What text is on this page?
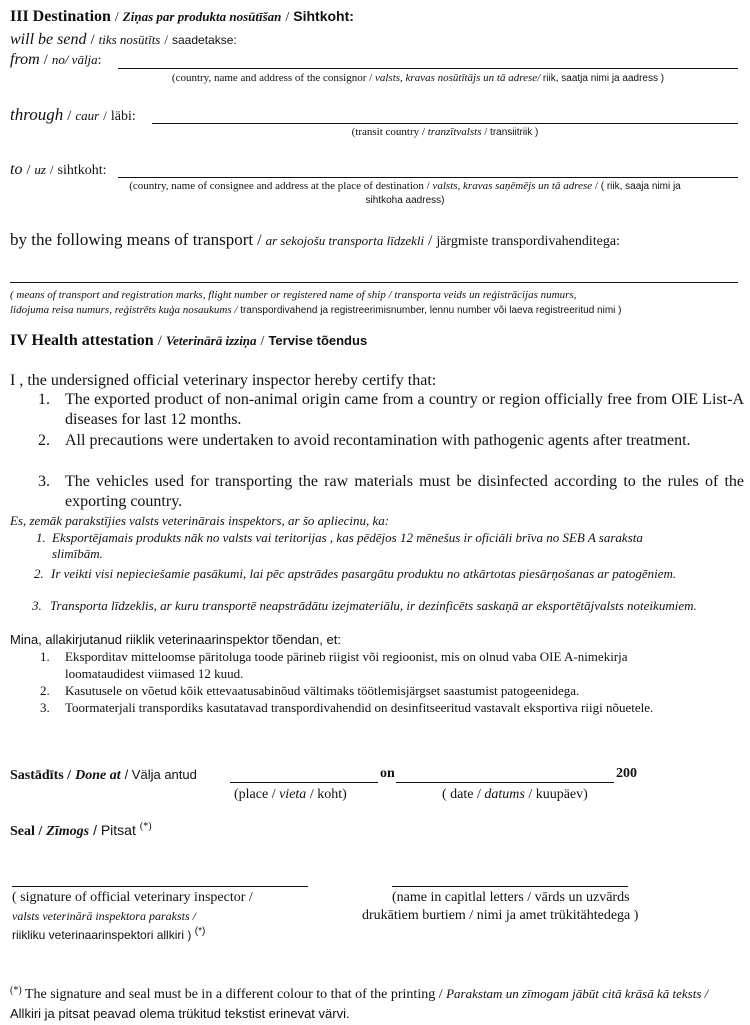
III Destination / Ziņas par produkta nosūtīšan / Sihtkoht:
will be send / tiks nosūtīts / saadetakse:
from / no/ vālja:
(country, name and address of the consignor / valsts, kravas nosūtītājs un tā adrese/ riik, saatja nimi ja aadress )
through / caur / läbi:
(transit country / tranzītvalsts / transiitriik )
to / uz / sihtkoht:
(country, name of consignee and address at the place of destination / valsts, kravas saņēmējs un tā adrese / ( riik, saaja nimi ja
sihtkoha aadress)
by the following means of transport / ar sekojošu transporta līdzekli / järgmiste transpordivahenditega:
( means of transport and registration marks, flight number or registered name of ship / transporta veids un reģistrācijas numurs,
lidojuma reisa numurs, reģistrēts kuģa nosaukums / transpordivahend ja registreerimisnumber, lennu number või laeva registreeritud nimi )
IV Health attestation / Veterinārā izziņa / Tervise tõendus
I , the undersigned official veterinary inspector hereby certify that:
1. The exported product of non-animal origin came from a country or region officially free from OIE List-A diseases for last 12 months.
2. All precautions were undertaken to avoid recontamination with pathogenic agents after treatment.
3. The vehicles used for transporting the raw materials must be disinfected according to the rules of the exporting country.
Es, zemāk parakstījies valsts veterinārais inspektors, ar šo apliecinu, ka:
1. Eksportējamais produkts nāk no valsts vai teritorijas , kas pēdējos 12 mēnešus ir oficiāli brīva no SEB A saraksta slimībām.
2. Ir veikti visi nepieciešamie pasākumi, lai pēc apstrādes pasargātu produktu no atkārtotas piesārņošanas ar patogēniem.
3. Transporta līdzeklis, ar kuru transportē neapstrādātu izejmateriālu, ir dezinficēts saskaņā ar eksportētājvalsts noteikumiem.
Mina, allakirjutanud riiklik veterinaarinspektor tõendan, et:
1. Eksporditav mitteloomse päritoluga toode pärineb riigist või regioonist, mis on olnud vaba OIE A-nimekirja loomataudidest viimased 12 kuud.
2. Kasutusele on võetud kõik ettevaatusabinõud vältimaks töötlemisjärgset saastumist patogeenidega.
3. Toormaterjali transpordiks kasutatavad transpordivahendid on desinfitseeritud vastavalt eksportiva riigi nõuetele.
Sastādīts / Done at / Välja antud	on	200
(place / vieta / koht)	( date / datums / kuupäev)
Seal / Zīmogs / Pitsat (*)
( signature of official veterinary inspector /
valsts veterinārā inspektora paraksts /
riikliku veterinaarinspektori allkiri ) (*)
(name in capitlal letters / vārds un uzvārds
drukātiem burtiem / nimi ja amet trükitähtedega )
(*) The signature and seal must be in a different colour to that of the printing / Parakstam un zīmogam jābūt citā krāsā kā teksts / Allkiri ja pitsat peavad olema trükitud tekstist erinevat värvi.
